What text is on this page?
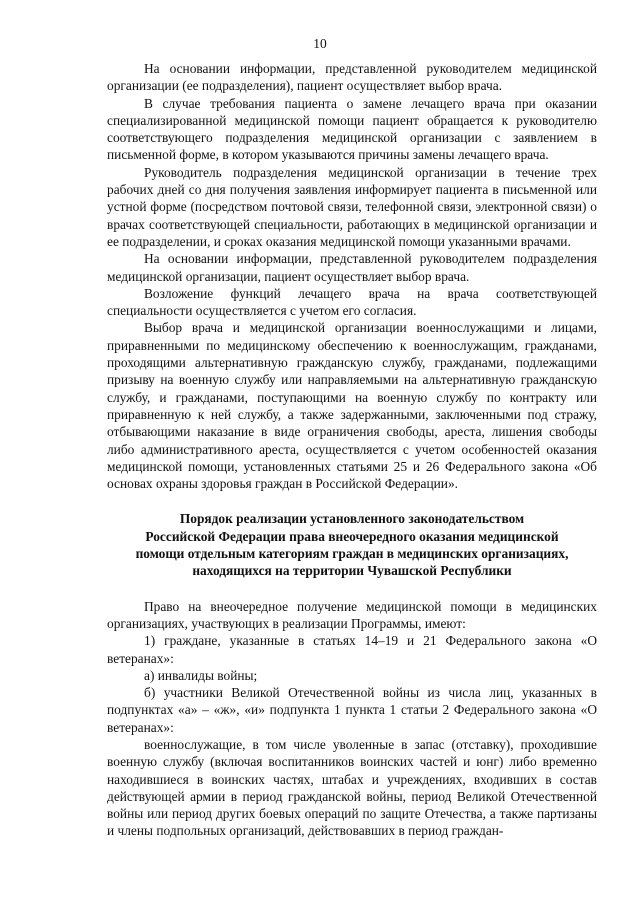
10

На основании информации, представленной руководителем медицинской организации (ее подразделения), пациент осуществляет выбор врача.

В случае требования пациента о замене лечащего врача при оказании специализированной медицинской помощи пациент обращается к руководителю соответствующего подразделения медицинской организации с заявлением в письменной форме, в котором указываются причины замены лечащего врача.

Руководитель подразделения медицинской организации в течение трех рабочих дней со дня получения заявления информирует пациента в письменной или устной форме (посредством почтовой связи, телефонной связи, электронной связи) о врачах соответствующей специальности, работающих в медицинской организации и ее подразделении, и сроках оказания медицинской помощи указанными врачами.

На основании информации, представленной руководителем подразделения медицинской организации, пациент осуществляет выбор врача.

Возложение функций лечащего врача на врача соответствующей специальности осуществляется с учетом его согласия.

Выбор врача и медицинской организации военнослужащими и лицами, приравненными по медицинскому обеспечению к военнослужащим, гражданами, проходящими альтернативную гражданскую службу, гражданами, подлежащими призыву на военную службу или направляемыми на альтернативную гражданскую службу, и гражданами, поступающими на военную службу по контракту или приравненную к ней службу, а также задержанными, заключенными под стражу, отбывающими наказание в виде ограничения свободы, ареста, лишения свободы либо административного ареста, осуществляется с учетом особенностей оказания медицинской помощи, установленных статьями 25 и 26 Федерального закона «Об основах охраны здоровья граждан в Российской Федерации».

Порядок реализации установленного законодательством
Российской Федерации права внеочередного оказания медицинской
помощи отдельным категориям граждан в медицинских организациях,
находящихся на территории Чувашской Республики

Право на внеочередное получение медицинской помощи в медицинских организациях, участвующих в реализации Программы, имеют:

1) граждане, указанные в статьях 14–19 и 21 Федерального закона «О ветеранах»:

а) инвалиды войны;

б) участники Великой Отечественной войны из числа лиц, указанных в подпунктах «а» – «ж», «и» подпункта 1 пункта 1 статьи 2 Федерального закона «О ветеранах»:

военнослужащие, в том числе уволенные в запас (отставку), проходившие военную службу (включая воспитанников воинских частей и юнг) либо временно находившиеся в воинских частях, штабах и учреждениях, входивших в состав действующей армии в период гражданской войны, период Великой Отечественной войны или период других боевых операций по защите Отечества, а также партизаны и члены подпольных организаций, действовавших в период граждан-
